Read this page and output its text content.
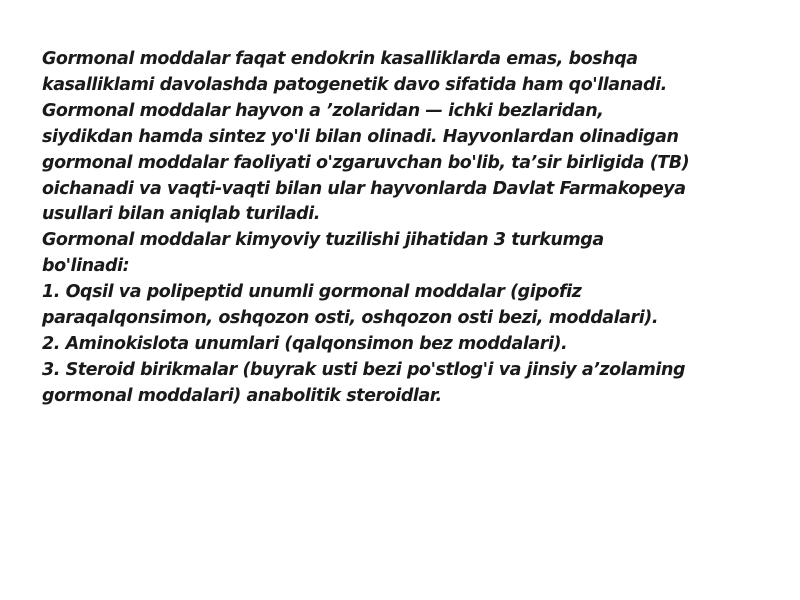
Gormonal moddalar faqat endokrin kasalliklarda emas, boshqa

kasalliklami davolashda patogenetik davo sifatida ham qo'llanadi.

Gormonal moddalar hayvon a ’zolaridan — ichki bezlaridan,

siydikdan hamda sintez yo'li bilan olinadi. Hayvonlardan olinadigan

gormonal moddalar faoliyati o'zgaruvchan bo'lib, ta’sir birligida (TB)

oichanadi va vaqti-vaqti bilan ular hayvonlarda Davlat Farmakopeya

usullari bilan aniqlab turiladi.

Gormonal moddalar kimyoviy tuzilishi jihatidan 3 turkumga

bo'linadi:

1. Oqsil va polipeptid unumli gormonal moddalar (gipofiz

paraqalqonsimon, oshqozon osti, oshqozon osti bezi, moddalari).

2. Aminokislota unumlari (qalqonsimon bez moddalari).

3. Steroid birikmalar (buyrak usti bezi po'stlog'i va jinsiy a’zolaming

gormonal moddalari) anabolitik steroidlar.
